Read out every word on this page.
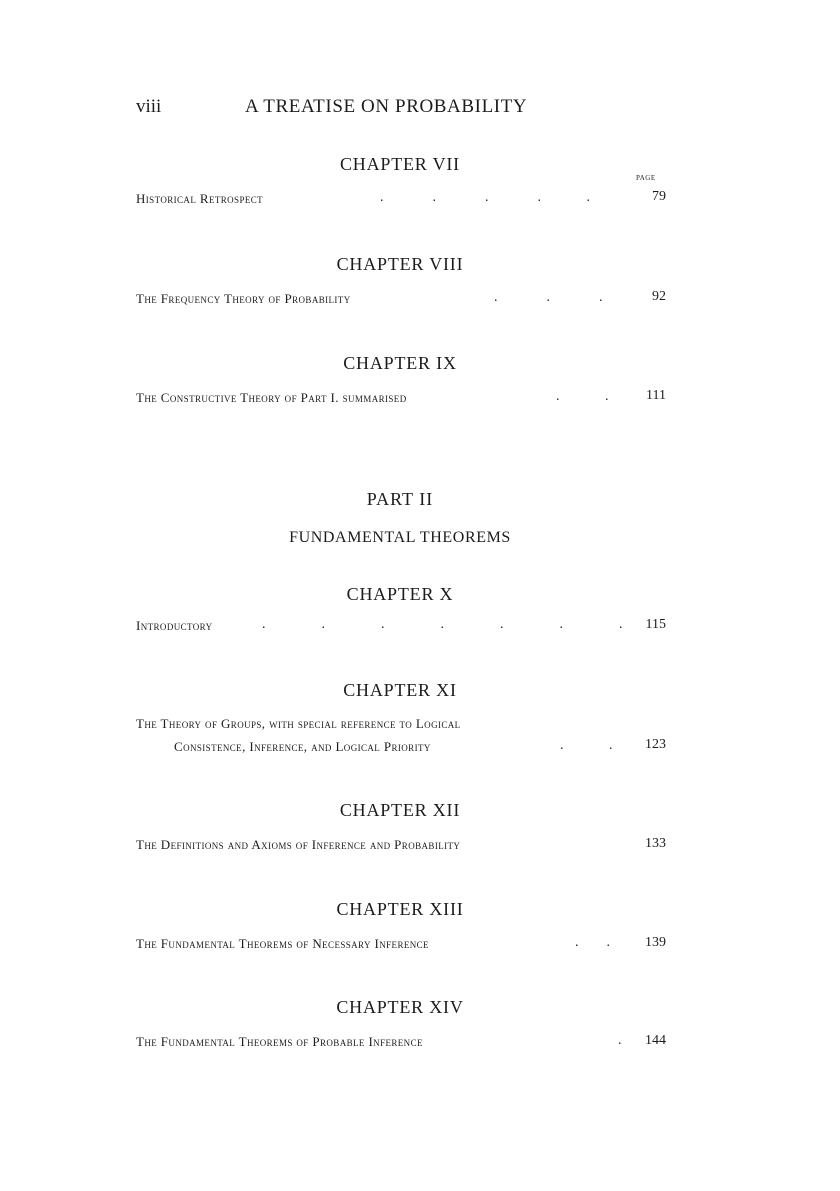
viii	A TREATISE ON PROBABILITY
CHAPTER VII
PAGE
Historical Retrospect	.              .              .              .             .	79
CHAPTER VIII
The Frequency Theory of Probability	.              .              .	92
CHAPTER IX
The Constructive Theory of Part I. summarised	.             .	111
PART II
FUNDAMENTAL THEOREMS
CHAPTER X
Introductory	.                .                .                .                .                .                .	115
CHAPTER XI
The Theory of Groups, with special reference to Logical
Consistence, Inference, and Logical Priority	.             .	123
CHAPTER XII
The Definitions and Axioms of Inference and Probability	133
CHAPTER XIII
The Fundamental Theorems of Necessary Inference	.        .	139
CHAPTER XIV
The Fundamental Theorems of Probable Inference	.	144
